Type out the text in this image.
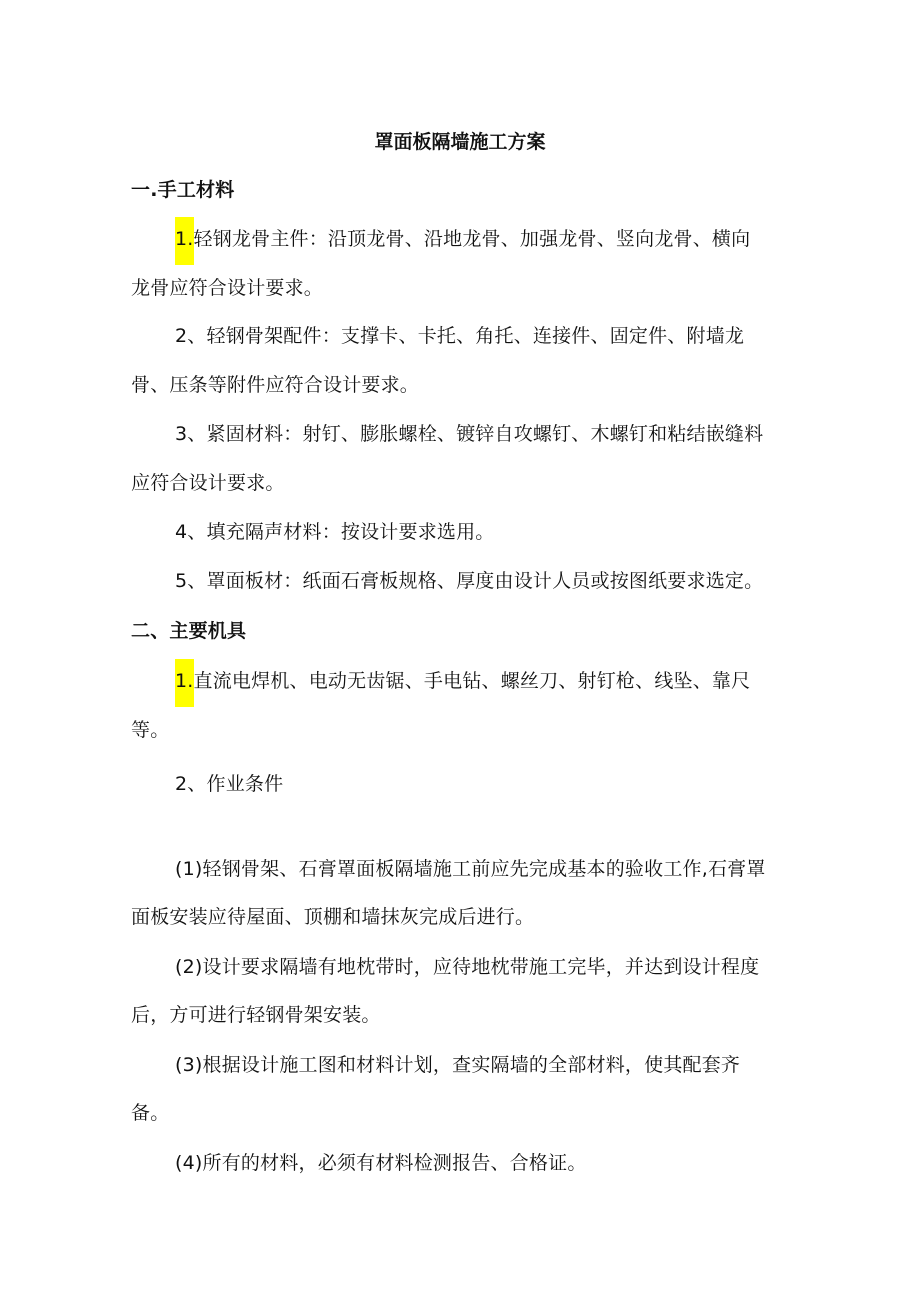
罩面板隔墙施工方案
一.手工材料
1.轻钢龙骨主件：沿顶龙骨、沿地龙骨、加强龙骨、竖向龙骨、横向
龙骨应符合设计要求。
2、轻钢骨架配件：支撑卡、卡托、角托、连接件、固定件、附墙龙
骨、压条等附件应符合设计要求。
3、紧固材料：射钉、膨胀螺栓、镀锌自攻螺钉、木螺钉和粘结嵌缝料
应符合设计要求。
4、填充隔声材料：按设计要求选用。
5、罩面板材：纸面石膏板规格、厚度由设计人员或按图纸要求选定。
二、主要机具
1.直流电焊机、电动无齿锯、手电钻、螺丝刀、射钉枪、线坠、靠尺
等。
2、作业条件
(1)轻钢骨架、石膏罩面板隔墙施工前应先完成基本的验收工作,石膏罩
面板安装应待屋面、顶棚和墙抹灰完成后进行。
(2)设计要求隔墙有地枕带时，应待地枕带施工完毕，并达到设计程度
后，方可进行轻钢骨架安装。
(3)根据设计施工图和材料计划，查实隔墙的全部材料，使其配套齐
备。
(4)所有的材料，必须有材料检测报告、合格证。
